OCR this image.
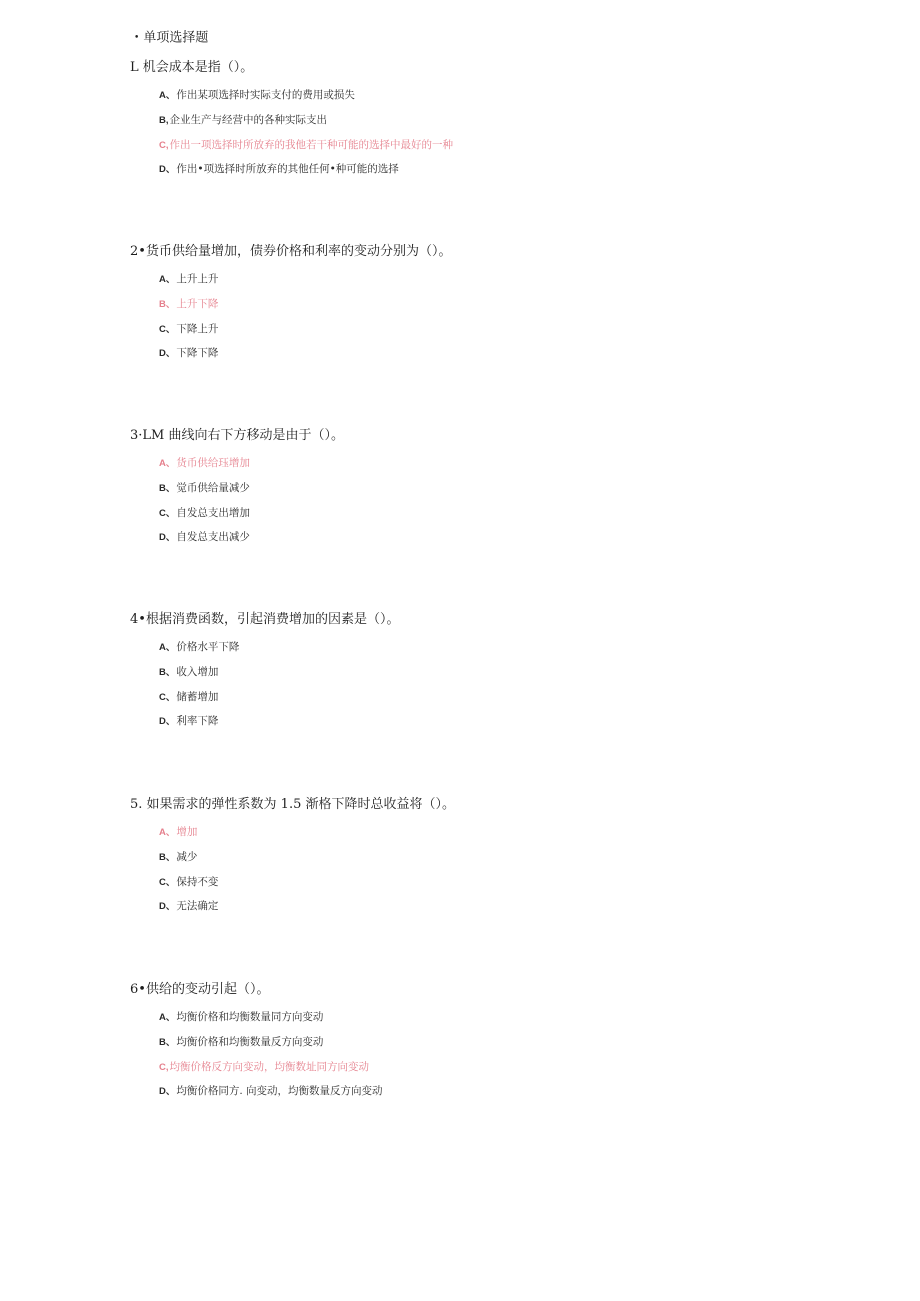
• 单项选择题
L 机会成本是指（）。
A、作出某项选择时实际支付的费用或损失
B,企业生产与经营中的各种实际支出
C,作出一项选择时所放弃的我他若干种可能的选择中最好的一种
D、作出•项选择时所放弃的其他任何•种可能的选择
2•货币供给量增加，债券价格和利率的变动分别为（）。
A、上升上升
B、上升下降
C、下降上升
D、下降下降
3·LM 曲线向右下方移动是由于（）。
A、货币供给珏增加
B、觉币供给量减少
C、自发总支出增加
D、自发总支出减少
4•根据消费函数，引起消费增加的因素是（）。
A、价格水平下降
B、收入增加
C、储蓄增加
D、利率下降
5. 如果需求的弹性系数为 1.5 渐格下降时总收益将（）。
A、增加
B、减少
C、保持不变
D、无法确定
6•供给的变动引起（）。
A、均衡价格和均衡数量同方向变动
B、均衡价格和均衡数量反方向变动
C,均衡价格反方向变动，均衡数址同方向变动
D、均衡价格同方. 向变动，均衡数量反方向变动
